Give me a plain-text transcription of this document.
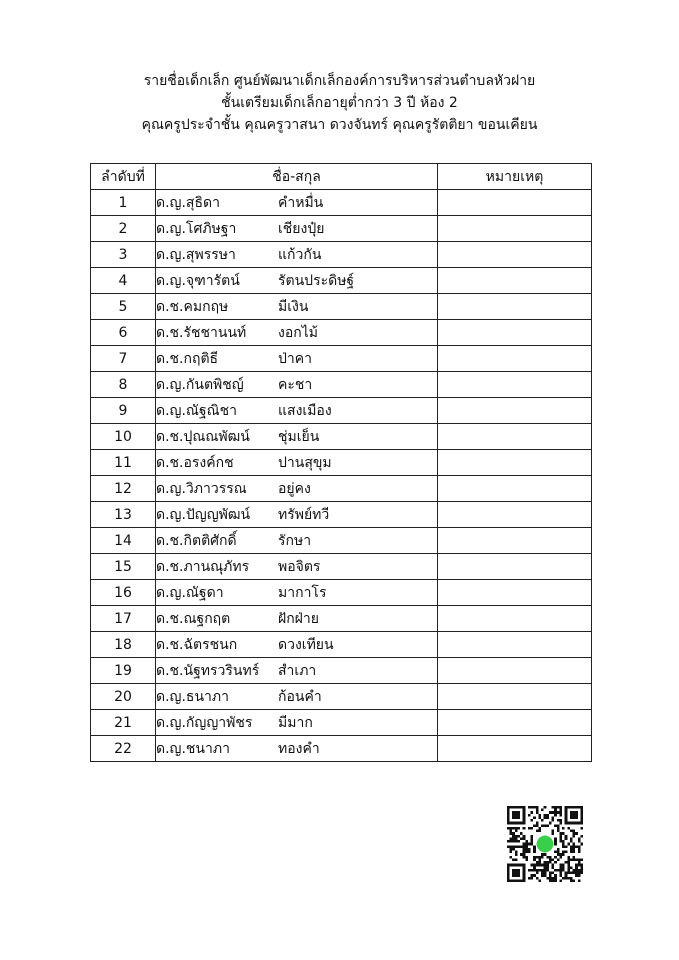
รายชื่อเด็กเล็ก ศูนย์พัฒนาเด็กเล็กองค์การบริหารส่วนตำบลหัวฝาย
ชั้นเตรียมเด็กเล็กอายุต่ำกว่า 3 ปี ห้อง 2
คุณครูประจำชั้น คุณครูวาสนา ดวงจันทร์ คุณครูรัตติยา ขอนเคียน
ลำดับที่	ชื่อ-สกุล	หมายเหตุ
1	ด.ญ.สุธิดา คำหมื่น	
2	ด.ญ.โศภิษฐา เชียงปุ๋ย	
3	ด.ญ.สุพรรษา แก้วกัน	
4	ด.ญ.จุฑารัตน์ รัตนประดิษฐ์	
5	ด.ช.คมกฤษ มีเงิน	
6	ด.ช.รัชชานนท์ งอกไม้	
7	ด.ช.กฤติธี ป่าคา	
8	ด.ญ.กันตพิชญ์ คะชา	
9	ด.ญ.ณัฐณิชา แสงเมือง	
10	ด.ช.ปุณณพัฒน์ ชุ่มเย็น	
11	ด.ช.อรงค์กช ปานสุขุม	
12	ด.ญ.วิภาวรรณ อยู่คง	
13	ด.ญ.ปัญญพัฒน์ ทรัพย์ทวี	
14	ด.ช.กิตติศักดิ์ รักษา	
15	ด.ช.ภานณุภัทร พอจิตร	
16	ด.ญ.ณัฐดา มากาโร	
17	ด.ช.ณฐกฤต ฝักฝ่าย	
18	ด.ช.ฉัตรชนก ดวงเทียน	
19	ด.ช.นัฐทรวรินทร์ สำเภา	
20	ด.ญ.ธนาภา ก้อนคำ	
21	ด.ญ.กัญญาพัชร มีมาก	
22	ด.ญ.ชนาภา ทองคำ	
